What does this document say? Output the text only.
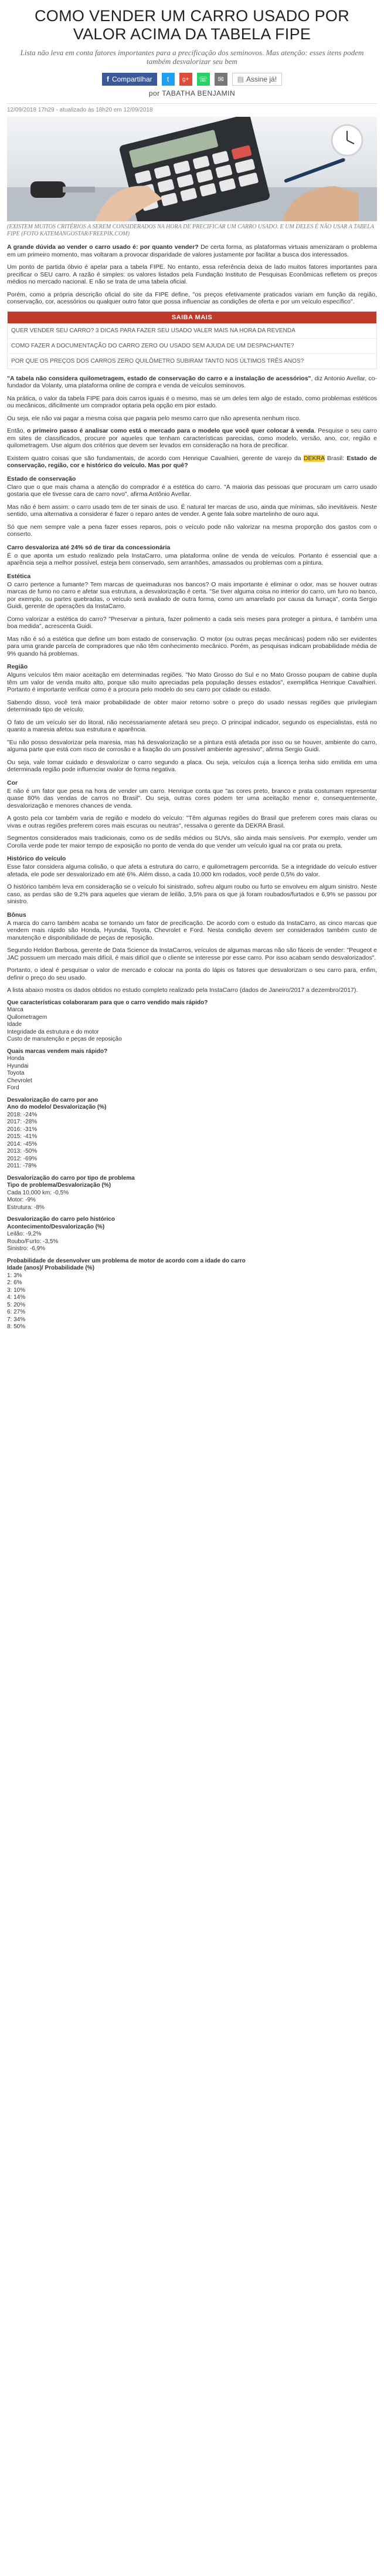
COMO VENDER UM CARRO USADO POR VALOR ACIMA DA TABELA FIPE
Lista não leva em conta fatores importantes para a precificação dos seminovos. Mas atenção: esses itens podem também desvalorizar seu bem
f Compartilhar t g+ ☏ ✉ ▤ Assine já!
por TABATHA BENJAMIN
12/09/2018 17h29 - atualizado às 18h20 em 12/09/2018
(EXISTEM MUITOS CRITÉRIOS A SEREM CONSIDERADOS NA HORA DE PRECIFICAR UM CARRO USADO. E UM DELES É NÃO USAR A TABELA FIPE (FOTO KATEMANGOSTAR/FREEPIK.COM)

A grande dúvida ao vender o carro usado é: por quanto vender? De certa forma, as plataformas virtuais amenizaram o problema em um primeiro momento, mas voltaram a provocar disparidade de valores justamente por facilitar a busca dos interessados.

Um ponto de partida óbvio é apelar para a tabela FIPE. No entanto, essa referência deixa de lado muitos fatores importantes para precificar o SEU carro. A razão é simples: os valores listados pela Fundação Instituto de Pesquisas Econômicas refletem os preços médios no mercado nacional. E não se trata de uma tabela oficial.

Porém, como a própria descrição oficial do site da FIPE define, "os preços efetivamente praticados variam em função da região, conservação, cor, acessórios ou qualquer outro fator que possa influenciar as condições de oferta e por um veículo específico".

SAIBA MAIS
QUER VENDER SEU CARRO? 3 DICAS PARA FAZER SEU USADO VALER MAIS NA HORA DA REVENDA
COMO FAZER A DOCUMENTAÇÃO DO CARRO ZERO OU USADO SEM AJUDA DE UM DESPACHANTE?
POR QUE OS PREÇOS DOS CARROS ZERO QUILÔMETRO SUBIRAM TANTO NOS ÚLTIMOS TRÊS ANOS?

"A tabela não considera quilometragem, estado de conservação do carro e a instalação de acessórios", diz Antonio Avellar, co-fundador da Volanty, uma plataforma online de compra e venda de veículos seminovos.

Na prática, o valor da tabela FIPE para dois carros iguais é o mesmo, mas se um deles tem algo de estado, como problemas estéticos ou mecânicos, dificilmente um comprador optaria pela opção em pior estado.

Ou seja, ele não vai pagar a mesma coisa que pagaria pelo mesmo carro que não apresenta nenhum risco.

Então, o primeiro passo é analisar como está o mercado para o modelo que você quer colocar à venda. Pesquise o seu carro em sites de classificados, procure por aqueles que tenham características parecidas, como modelo, versão, ano, cor, região e quilometragem. Use algum dos critérios que devem ser levados em consideração na hora de precificar.

Existem quatro coisas que são fundamentais, de acordo com Henrique Cavalhieri, gerente de varejo da DEKRA Brasil: Estado de conservação, região, cor e histórico do veículo. Mas por quê?

Estado de conservação

Claro que o que mais chama a atenção do comprador é a estética do carro. "A maioria das pessoas que procuram um carro usado gostaria que ele tivesse cara de carro novo", afirma Antônio Avellar.

Mas não é bem assim: o carro usado tem de ter sinais de uso. É natural ter marcas de uso, ainda que mínimas, são inevitáveis. Neste sentido, uma alternativa a considerar é fazer o reparo antes de vender. A gente fala sobre martelinho de ouro aqui.

Só que nem sempre vale a pena fazer esses reparos, pois o veículo pode não valorizar na mesma proporção dos gastos com o conserto.

Carro desvaloriza até 24% só de tirar da concessionária

É o que aponta um estudo realizado pela InstaCarro, uma plataforma online de venda de veículos. Portanto é essencial que a aparência seja a melhor possível, esteja bem conservado, sem arranhões, amassados ou problemas com a pintura.

Estética

O carro pertence a fumante? Tem marcas de queimaduras nos bancos? O mais importante é eliminar o odor, mas se houver outras marcas de fumo no carro e afetar sua estrutura, a desvalorização é certa. "Se tiver alguma coisa no interior do carro, um furo no banco, por exemplo, ou partes quebradas, o veículo será avaliado de outra forma, como um amarelado por causa da fumaça", conta Sergio Guidi, gerente de operações da InstaCarro.

Como valorizar a estética do carro? "Preservar a pintura, fazer polimento a cada seis meses para proteger a pintura, é também uma boa medida", acrescenta Guidi.

Mas não é só a estética que define um bom estado de conservação. O motor (ou outras peças mecânicas) podem não ser evidentes para uma grande parcela de compradores que não têm conhecimento mecânico. Porém, as pesquisas indicam probabilidade média de 9% quando há problemas.

Região

Alguns veículos têm maior aceitação em determinadas regiões. "No Mato Grosso do Sul e no Mato Grosso poupam de cabine dupla têm um valor de venda muito alto, porque são muito apreciadas pela população desses estados", exemplifica Henrique Cavalhieri. Portanto é importante verificar como é a procura pelo modelo do seu carro por cidade ou estado.

Sabendo disso, você terá maior probabilidade de obter maior retorno sobre o preço do usado nessas regiões que privilegiam determinado tipo de veículo.

O fato de um veículo ser do litoral, não necessariamente afetará seu preço. O principal indicador, segundo os especialistas, está no quanto a maresia afetou sua estrutura e aparência.

"Eu não posso desvalorizar pela maresia, mas há desvalorização se a pintura está afetada por isso ou se houver, ambiente do carro, alguma parte que está com risco de corrosão e a fixação do um possível ambiente agressivo", afirma Sergio Guidi.

Ou seja, vale tomar cuidado e desvalorizar o carro segundo a placa. Ou seja, veículos cuja a licença tenha sido emitida em uma determinada região pode influenciar ovalor de forma negativa.

Cor

E não é um fator que pesa na hora de vender um carro. Henrique conta que "as cores preto, branco e prata costumam representar quase 80% das vendas de carros no Brasil". Ou seja, outras cores podem ter uma aceitação menor e, consequentemente, desvalorização e menores chances de venda.

A gosto pela cor também varia de região e modelo do veículo: "Têm algumas regiões do Brasil que preferem cores mais claras ou vivas e outras regiões preferem cores mais escuras ou neutras", ressalva o gerente da DEKRA Brasil.

Segmentos considerados mais tradicionais, como os de sedãs médios ou SUVs, são ainda mais sensíveis. Por exemplo, vender um Corolla verde pode ter maior tempo de exposição no ponto de venda do que vender um veículo igual na cor prata ou preta.

Histórico do veículo

Esse fator considera alguma colisão, o que afeta a estrutura do carro, e quilometragem percorrida. Se a integridade do veículo estiver afetada, ele pode ser desvalorizado em até 6%. Além disso, a cada 10.000 km rodados, você perde 0,5% do valor.

O histórico também leva em consideração se o veículo foi sinistrado, sofreu algum roubo ou furto se envolveu em algum sinistro. Neste caso, as perdas são de 9,2% para aqueles que vieram de leilão, 3,5% para os que já foram roubados/furtados e 6,9% se passou por sinistro.

Bônus

A marca do carro também acaba se tornando um fator de precificação. De acordo com o estudo da InstaCarro, as cinco marcas que vendem mais rápido são Honda, Hyundai, Toyota, Chevrolet e Ford. Nesta condição devem ser considerados também custo de manutenção e disponibilidade de peças de reposição.

Segundo Heldon Barbosa, gerente de Data Science da InstaCarros, veículos de algumas marcas não são fáceis de vender: "Peugeot e JAC possuem um mercado mais difícil, é mais difícil que o cliente se interesse por esse carro. Por isso acabam sendo desvalorizados".

Portanto, o ideal é pesquisar o valor de mercado e colocar na ponta do lápis os fatores que desvalorizam o seu carro para, enfim, definir o preço do seu usado.

A lista abaixo mostra os dados obtidos no estudo completo realizado pela InstaCarro (dados de Janeiro/2017 a dezembro/2017).

Que características colaboraram para que o carro vendido mais rápido?
Marca
Quilometragem
Idade
Integridade da estrutura e do motor
Custo de manutenção e peças de reposição
Quais marcas vendem mais rápido?
Honda
Hyundai
Toyota
Chevrolet
Ford
Desvalorização do carro por ano
Ano do modelo/ Desvalorização (%)
2018: -24%
2017: -28%
2016: -31%
2015: -41%
2014: -45%
2013: -50%
2012: -69%
2011: -78%
Desvalorização do carro por tipo de problema
Tipo de problema/Desvalorização (%)
Cada 10.000 km: -0,5%
Motor: -9%
Estrutura: -8%
Desvalorização do carro pelo histórico
Acontecimento/Desvalorização (%)
Leilão: -9,2%
Roubo/Furto: -3,5%
Sinistro: -6,9%
Probabilidade de desenvolver um problema de motor de acordo com a idade do carro
Idade (anos)/ Probabilidade (%)
1: 3%
2: 6%
3: 10%
4: 14%
5: 20%
6: 27%
7: 34%
8: 50%
